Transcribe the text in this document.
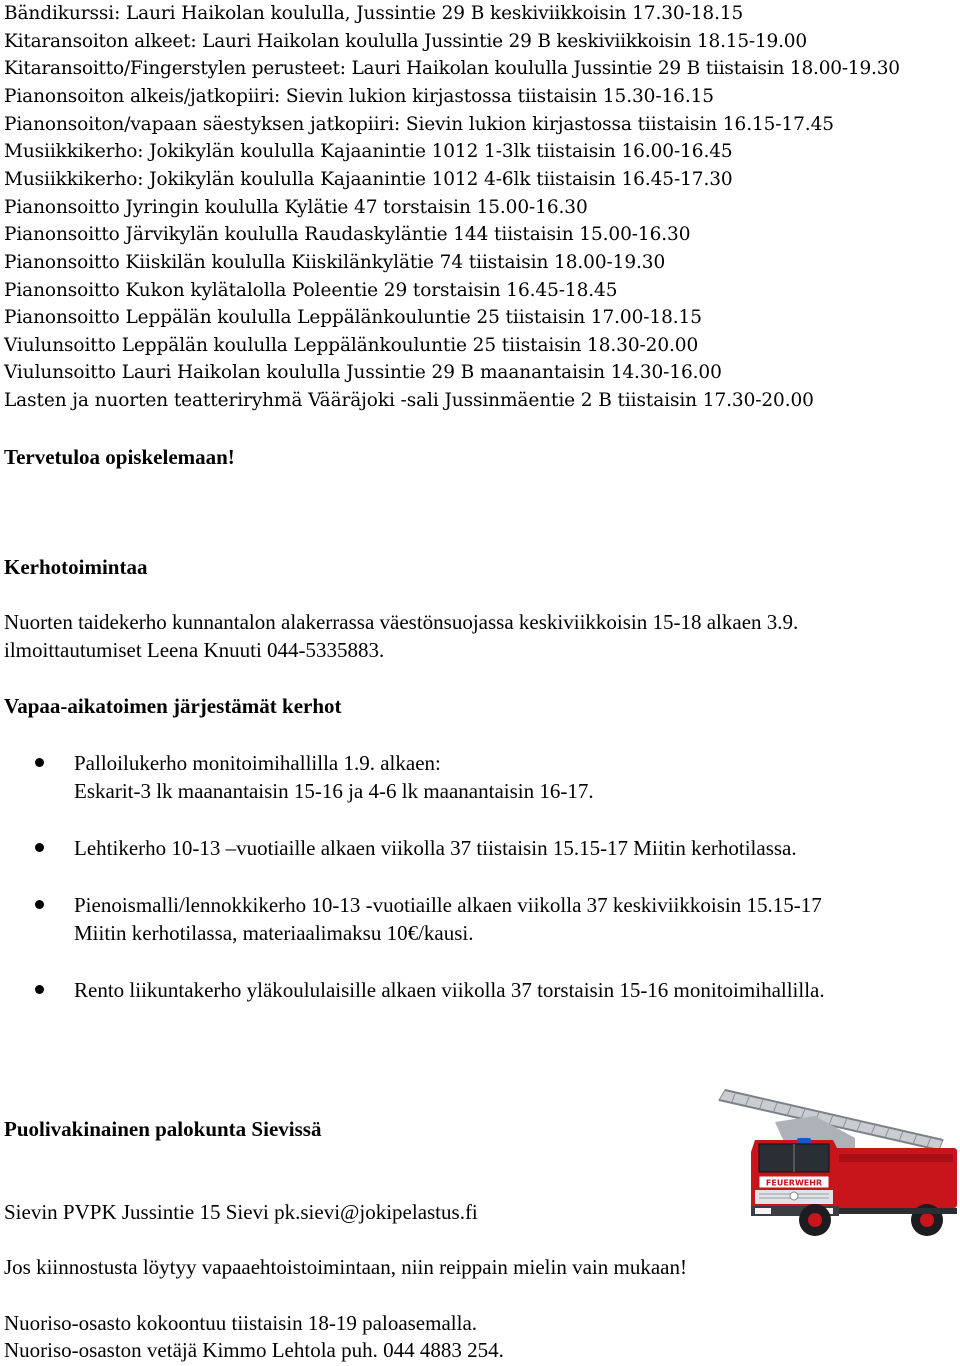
Bändikurssi: Lauri Haikolan koululla, Jussintie 29 B keskiviikkoisin 17.30-18.15
Kitaransoiton alkeet: Lauri Haikolan koululla Jussintie 29 B keskiviikkoisin 18.15-19.00
Kitaransoitto/Fingerstylen perusteet: Lauri Haikolan koululla Jussintie 29 B tiistaisin 18.00-19.30
Pianonsoiton alkeis/jatkopiiri: Sievin lukion kirjastossa tiistaisin 15.30-16.15
Pianonsoiton/vapaan säestyksen jatkopiiri: Sievin lukion kirjastossa tiistaisin 16.15-17.45
Musiikkikerho: Jokikylän koululla Kajaanintie 1012 1-3lk tiistaisin 16.00-16.45
Musiikkikerho: Jokikylän koululla Kajaanintie 1012 4-6lk tiistaisin 16.45-17.30
Pianonsoitto Jyringin koululla Kylätie 47 torstaisin 15.00-16.30
Pianonsoitto Järvikylän koululla Raudaskyläntie 144 tiistaisin 15.00-16.30
Pianonsoitto Kiiskilän koululla Kiiskilänkylätie 74 tiistaisin 18.00-19.30
Pianonsoitto Kukon kylätalolla Poleentie 29 torstaisin 16.45-18.45
Pianonsoitto Leppälän koululla Leppälänkouluntie 25 tiistaisin 17.00-18.15
Viulunsoitto Leppälän koululla Leppälänkouluntie 25 tiistaisin 18.30-20.00
Viulunsoitto Lauri Haikolan koululla Jussintie 29 B maanantaisin 14.30-16.00
Lasten ja nuorten teatteriryhmä Vääräjoki -sali Jussinmäentie 2 B tiistaisin 17.30-20.00
Tervetuloa opiskelemaan!
Kerhotoimintaa
Nuorten taidekerho kunnantalon alakerrassa väestönsuojassa keskiviikkoisin 15-18 alkaen 3.9.
ilmoittautumiset Leena Knuuti 044-5335883.
Vapaa-aikatoimen järjestämät kerhot
Palloilukerho monitoimihallilla 1.9. alkaen:
Eskarit-3 lk maanantaisin 15-16 ja 4-6 lk maanantaisin 16-17.
Lehtikerho 10-13 –vuotiaille alkaen viikolla 37 tiistaisin 15.15-17 Miitin kerhotilassa.
Pienoismalli/lennokkikerho 10-13 -vuotiaille alkaen viikolla 37 keskiviikkoisin 15.15-17
Miitin kerhotilassa, materiaalimaksu 10€/kausi.
Rento liikuntakerho yläkoululaisille alkaen viikolla 37 torstaisin 15-16 monitoimihallilla.
Puolivakinainen palokunta Sievissä
Sievin PVPK Jussintie 15 Sievi pk.sievi@jokipelastus.fi
Jos kiinnostusta löytyy vapaaehtoistoimintaan, niin reippain mielin vain mukaan!
Nuoriso-osasto kokoontuu tiistaisin 18-19 paloasemalla.
Nuoriso-osaston vetäjä Kimmo Lehtola puh. 044 4883 254.
FEUERWEHR
